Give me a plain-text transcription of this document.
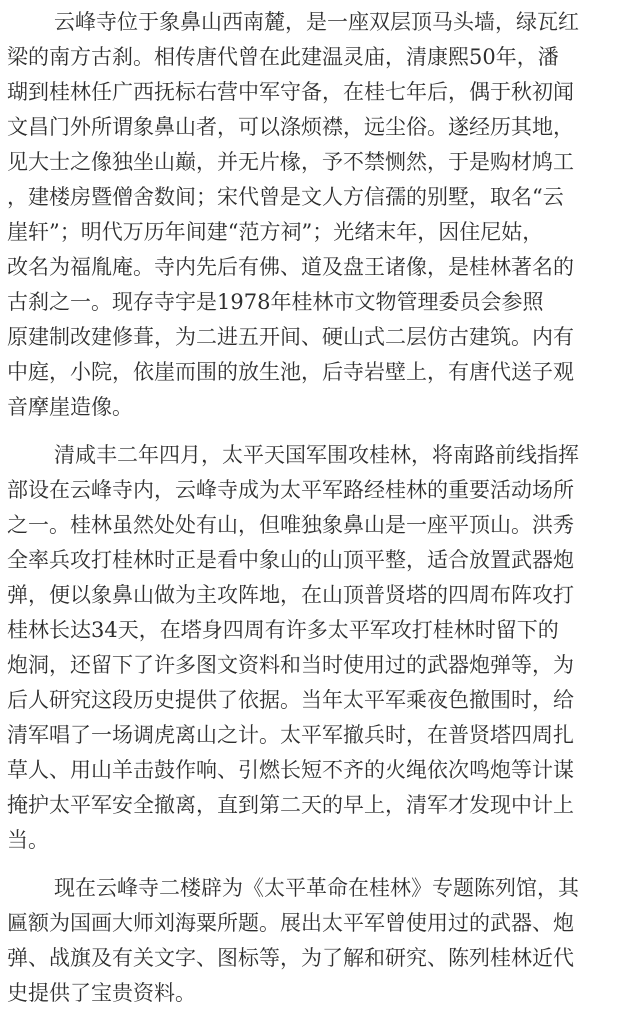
云峰寺位于象鼻山西南麓，是一座双层顶马头墙，绿瓦红
梁的南方古刹。相传唐代曾在此建温灵庙，清康熙50年，潘
瑚到桂林任广西抚标右营中军守备，在桂七年后，偶于秋初闻
文昌门外所谓象鼻山者，可以涤烦襟，远尘俗。遂经历其地，
见大士之像独坐山巅，并无片椽，予不禁恻然，于是购材鸠工
，建楼房暨僧舍数间；宋代曾是文人方信孺的别墅，取名“云
崖轩”；明代万历年间建“范方祠”；光绪末年，因住尼姑，
改名为福胤庵。寺内先后有佛、道及盘王诸像，是桂林著名的
古刹之一。现存寺宇是1978年桂林市文物管理委员会参照
原建制改建修葺，为二进五开间、硬山式二层仿古建筑。内有
中庭，小院，依崖而围的放生池，后寺岩壁上，有唐代送子观
音摩崖造像。
清咸丰二年四月，太平天国军围攻桂林，将南路前线指挥
部设在云峰寺内，云峰寺成为太平军路经桂林的重要活动场所
之一。桂林虽然处处有山，但唯独象鼻山是一座平顶山。洪秀
全率兵攻打桂林时正是看中象山的山顶平整，适合放置武器炮
弹，便以象鼻山做为主攻阵地，在山顶普贤塔的四周布阵攻打
桂林长达34天，在塔身四周有许多太平军攻打桂林时留下的
炮洞，还留下了许多图文资料和当时使用过的武器炮弹等，为
后人研究这段历史提供了依据。当年太平军乘夜色撤围时，给
清军唱了一场调虎离山之计。太平军撤兵时，在普贤塔四周扎
草人、用山羊击鼓作响、引燃长短不齐的火绳依次鸣炮等计谋
掩护太平军安全撤离，直到第二天的早上，清军才发现中计上
当。
现在云峰寺二楼辟为《太平革命在桂林》专题陈列馆，其
匾额为国画大师刘海粟所题。展出太平军曾使用过的武器、炮
弹、战旗及有关文字、图标等，为了解和研究、陈列桂林近代
史提供了宝贵资料。
